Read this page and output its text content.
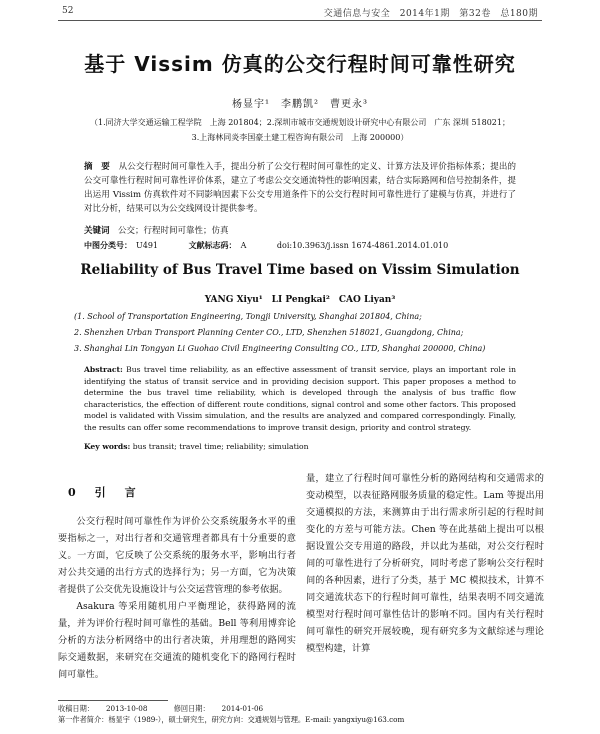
52	交通信息与安全　2014年1期　第32卷　总180期
基于 Vissim 仿真的公交行程时间可靠性研究
杨显宇¹　李鹏凯²　曹更永³
（1.同济大学交通运输工程学院　上海 201804；2.深圳市城市交通规划设计研究中心有限公司　广东 深圳 518021；
3.上海林同炎李国豪土建工程咨询有限公司　上海 200000）
摘　要　从公交行程时间可靠性入手，提出分析了公交行程时间可靠性的定义、计算方法及评价指标体系；提出的公交可靠性行程时间可靠性评价体系，建立了考虑公交交通流特性的影响因素，结合实际路网和信号控制条件，提出运用 Vissim 仿真软件对不同影响因素下公交专用道条件下的公交行程时间可靠性进行了建模与仿真，并进行了对比分析，结果可以为公交线网设计提供参考。
关键词　公交；行程时间可靠性；仿真
中图分类号： U491	文献标志码： A	doi:10.3963/j.issn 1674-4861.2014.01.010
Reliability of Bus Travel Time based on Vissim Simulation
YANG Xiyu¹　LI Pengkai²　CAO Liyan³
(1. School of Transportation Engineering, Tongji University, Shanghai 201804, China;
2. Shenzhen Urban Transport Planning Center CO., LTD, Shenzhen 518021, Guangdong, China;
3. Shanghai Lin Tongyan Li Guohao Civil Engineering Consulting CO., LTD, Shanghai 200000, China)
Abstract: Bus travel time reliability, as an effective assessment of transit service, plays an important role in identifying the status of transit service and in providing decision support. This paper proposes a method to determine the bus travel time reliability, which is developed through the analysis of bus traffic flow characteristics, the effection of different route conditions, signal control and some other factors. This proposed model is validated with Vissim simulation, and the results are analyzed and compared correspondingly. Finally, the results can offer some recommendations to improve transit design, priority and control strategy.
Key words: bus transit; travel time; reliability; simulation
0　引　言

公交行程时间可靠性作为评价公交系统服务水平的重要指标之一，对出行者和交通管理者都具有十分重要的意义。一方面，它反映了公交系统的服务水平，影响出行者对公共交通的出行方式的选择行为；另一方面，它为决策者提供了公交优先设施设计与公交运营管理的参考依据。

Asakura 等采用随机用户平衡理论，获得路网的流量，并为评价行程时间可靠性的基础。Bell 等利用博弈论分析的方法分析网络中的出行者决策，并用理想的路网实际交通数据，来研究在交通流的随机变化下的路网行程时间可靠性。

量，建立了行程时间可靠性分析的路网结构和交通需求的变动模型，以表征路网服务质量的稳定性。Lam 等提出用交通模拟的方法，来测算由于出行需求所引起的行程时间变化的方差与可能方法。Chen 等在此基础上提出可以根据设置公交专用道的路段，并以此为基础，对公交行程时间的可靠性进行了分析研究，同时考虑了影响公交行程时间的各种因素，进行了分类，基于 MC 模拟技术，计算不同交通流状态下的行程时间可靠性，结果表明不同交通流模型对行程时间可靠性估计的影响不同。国内有关行程时间可靠性的研究开展较晚，现有研究多为文献综述与理论模型构建，计算

收稿日期： 2013-10-08	修回日期： 2014-01-06
第一作者简介：杨显宇（1989-），硕士研究生，研究方向：交通规划与管理。E-mail: yangxiyu@163.com
